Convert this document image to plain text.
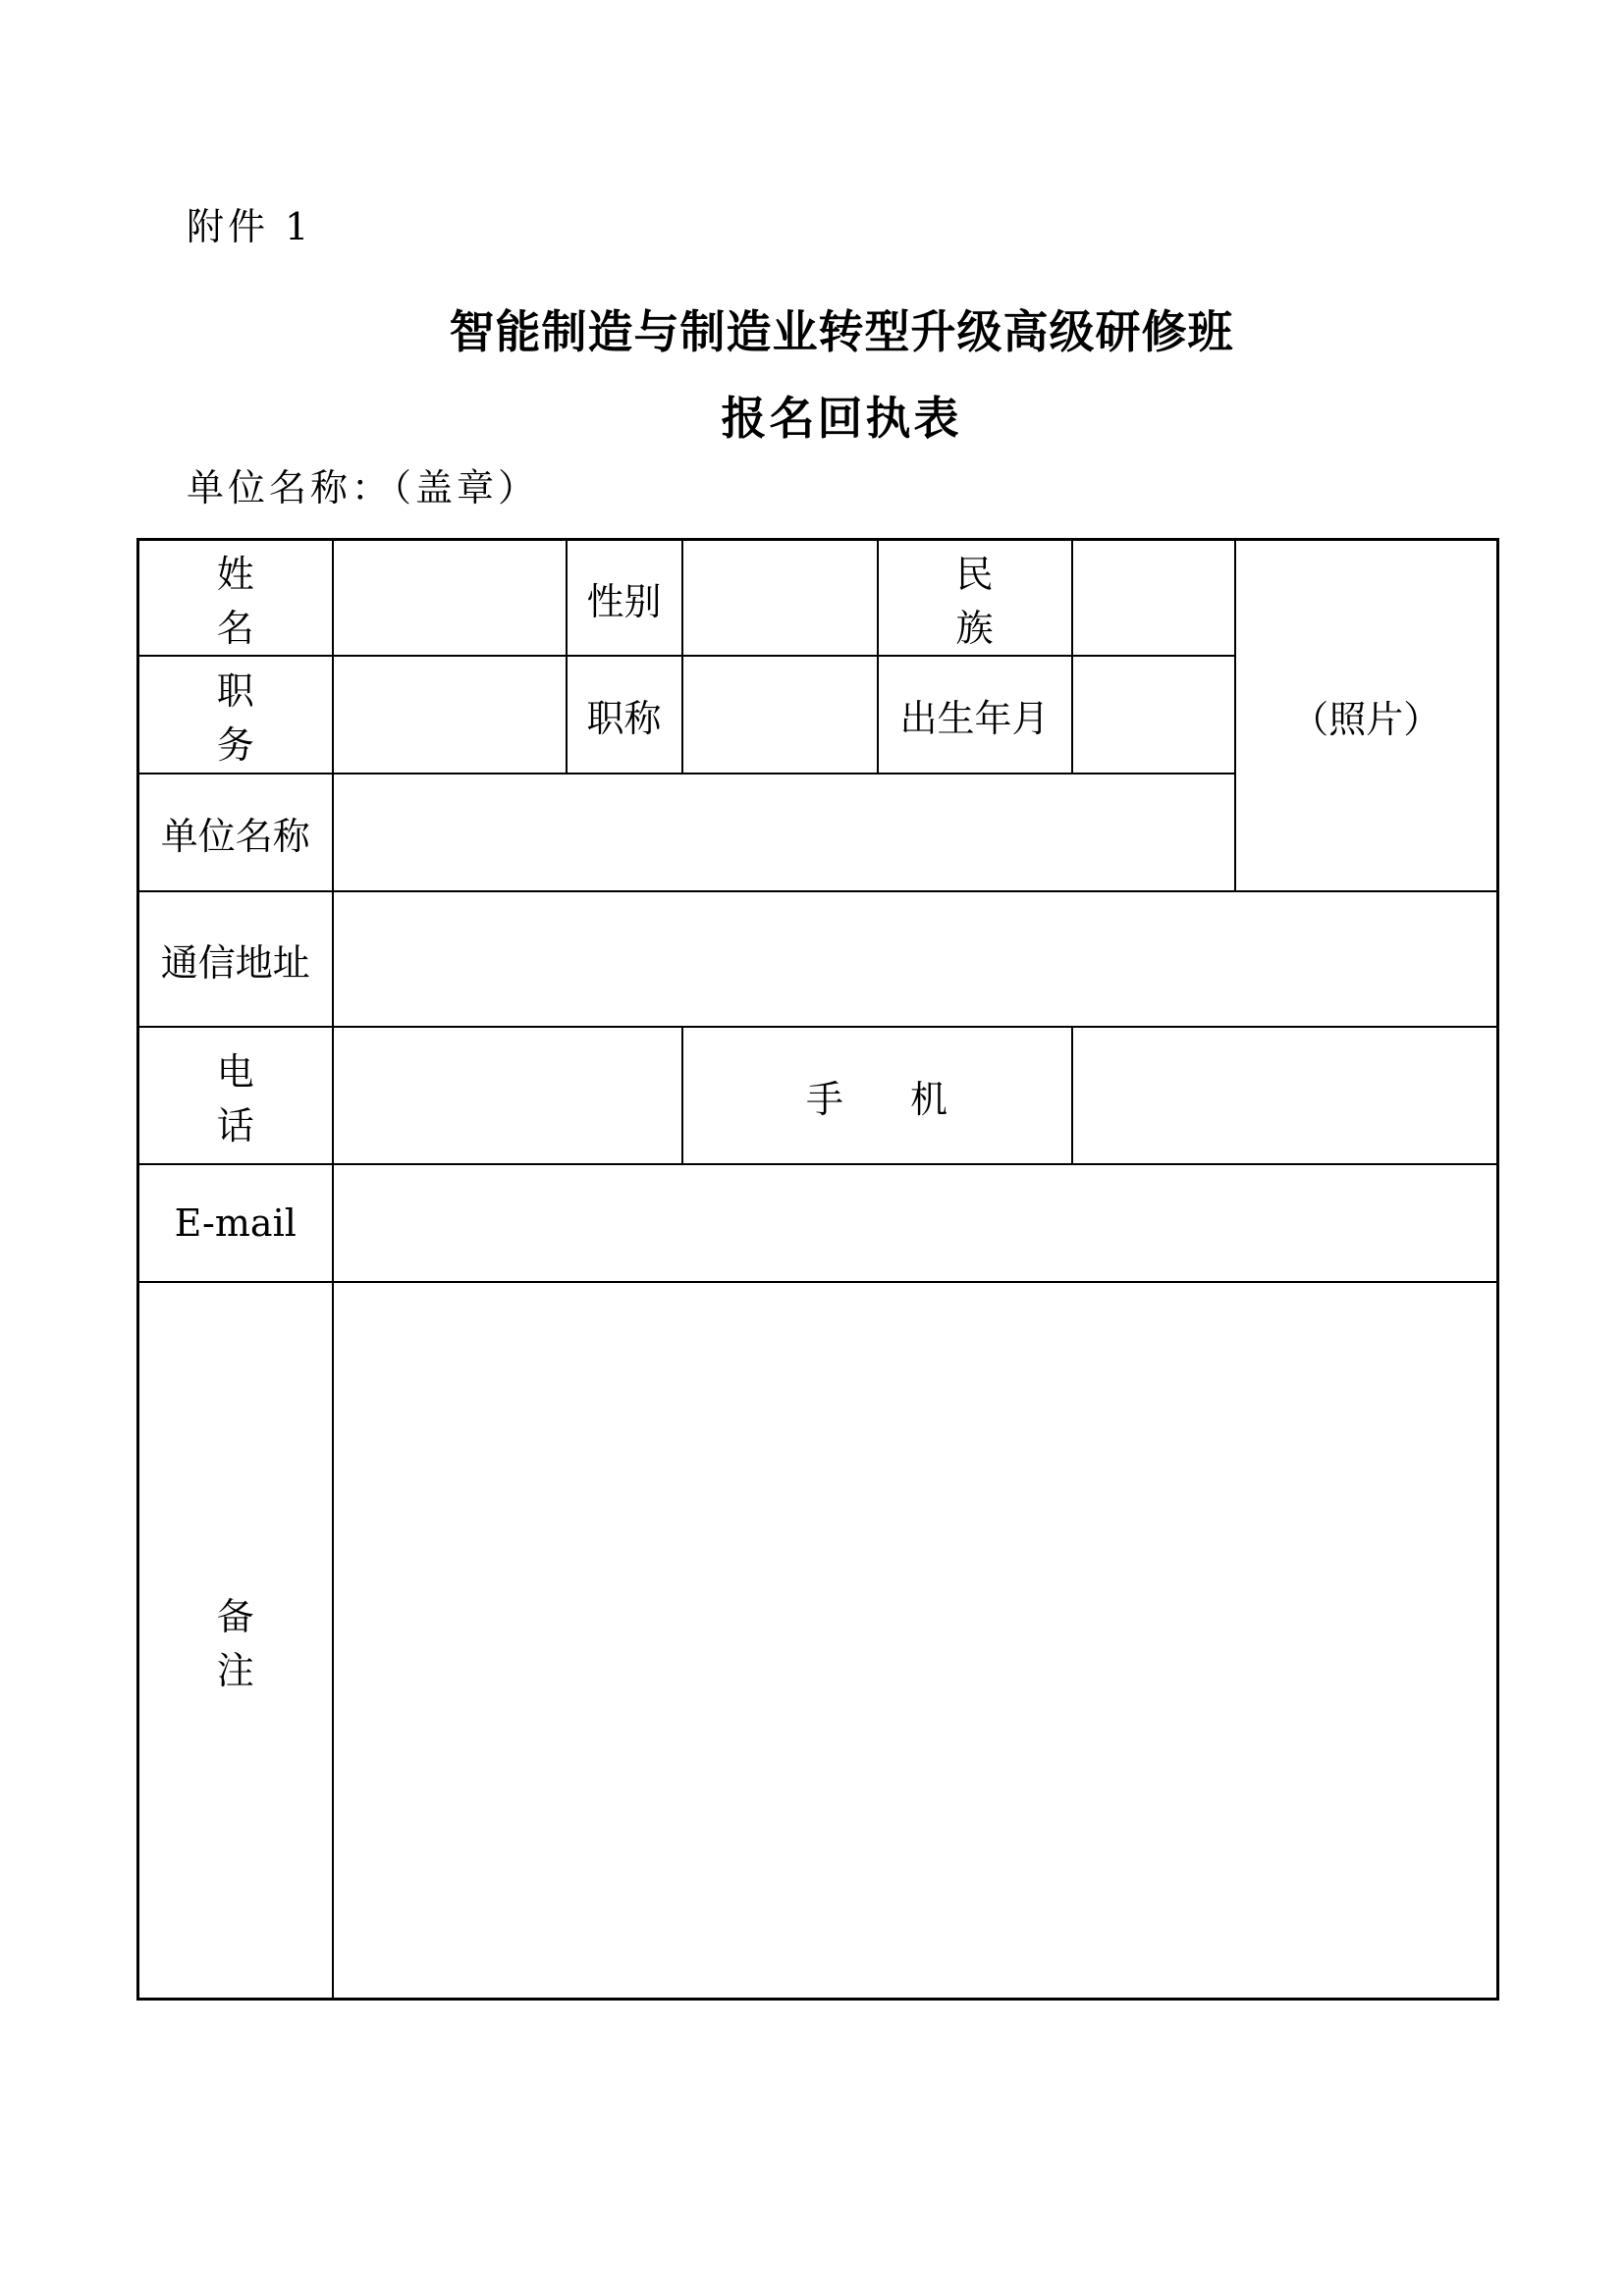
附件 1
智能制造与制造业转型升级高级研修班
报名回执表
单位名称：（盖章）
姓 名		性别		民 族		（照片）
职 务		职称		出生年月		
单位名称						
通信地址						
电 话			手 机			
E-mail						
备 注						
